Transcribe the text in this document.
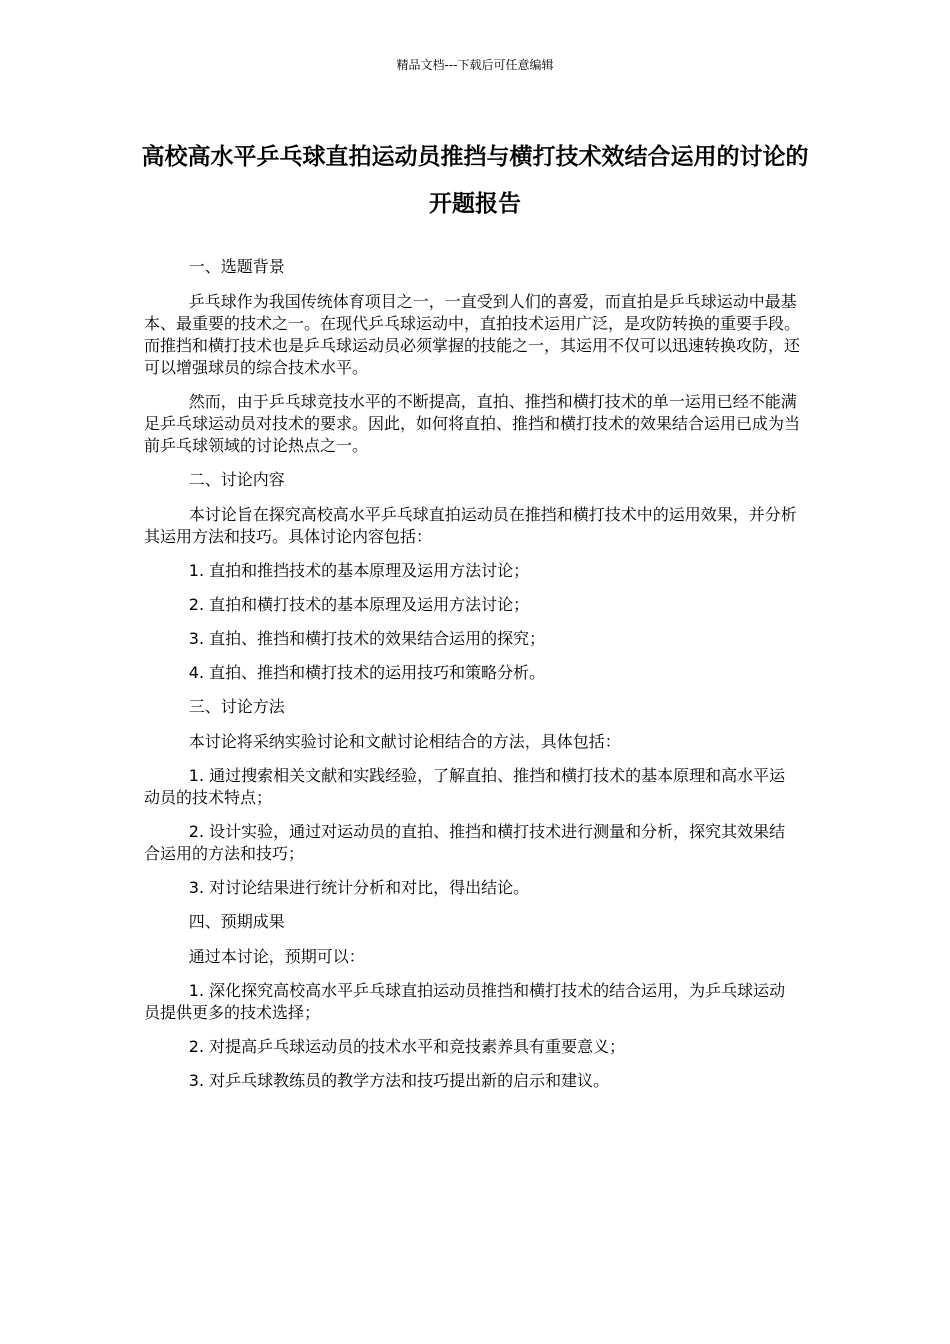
精品文档---下载后可任意编辑
高校高水平乒乓球直拍运动员推挡与横打技术效结合运用的讨论的开题报告

一、选题背景

乒乓球作为我国传统体育项目之一，一直受到人们的喜爱，而直拍是乒乓球运动中最基本、最重要的技术之一。在现代乒乓球运动中，直拍技术运用广泛，是攻防转换的重要手段。而推挡和横打技术也是乒乓球运动员必须掌握的技能之一，其运用不仅可以迅速转换攻防，还可以增强球员的综合技术水平。

然而，由于乒乓球竞技水平的不断提高，直拍、推挡和横打技术的单一运用已经不能满足乒乓球运动员对技术的要求。因此，如何将直拍、推挡和横打技术的效果结合运用已成为当前乒乓球领域的讨论热点之一。

二、讨论内容

本讨论旨在探究高校高水平乒乓球直拍运动员在推挡和横打技术中的运用效果，并分析其运用方法和技巧。具体讨论内容包括：

1. 直拍和推挡技术的基本原理及运用方法讨论；

2. 直拍和横打技术的基本原理及运用方法讨论；

3. 直拍、推挡和横打技术的效果结合运用的探究；

4. 直拍、推挡和横打技术的运用技巧和策略分析。

三、讨论方法

本讨论将采纳实验讨论和文献讨论相结合的方法，具体包括：

1. 通过搜索相关文献和实践经验，了解直拍、推挡和横打技术的基本原理和高水平运动员的技术特点；

2. 设计实验，通过对运动员的直拍、推挡和横打技术进行测量和分析，探究其效果结合运用的方法和技巧；

3. 对讨论结果进行统计分析和对比，得出结论。

四、预期成果

通过本讨论，预期可以：

1. 深化探究高校高水平乒乓球直拍运动员推挡和横打技术的结合运用，为乒乓球运动员提供更多的技术选择；

2. 对提高乒乓球运动员的技术水平和竞技素养具有重要意义；

3. 对乒乓球教练员的教学方法和技巧提出新的启示和建议。
